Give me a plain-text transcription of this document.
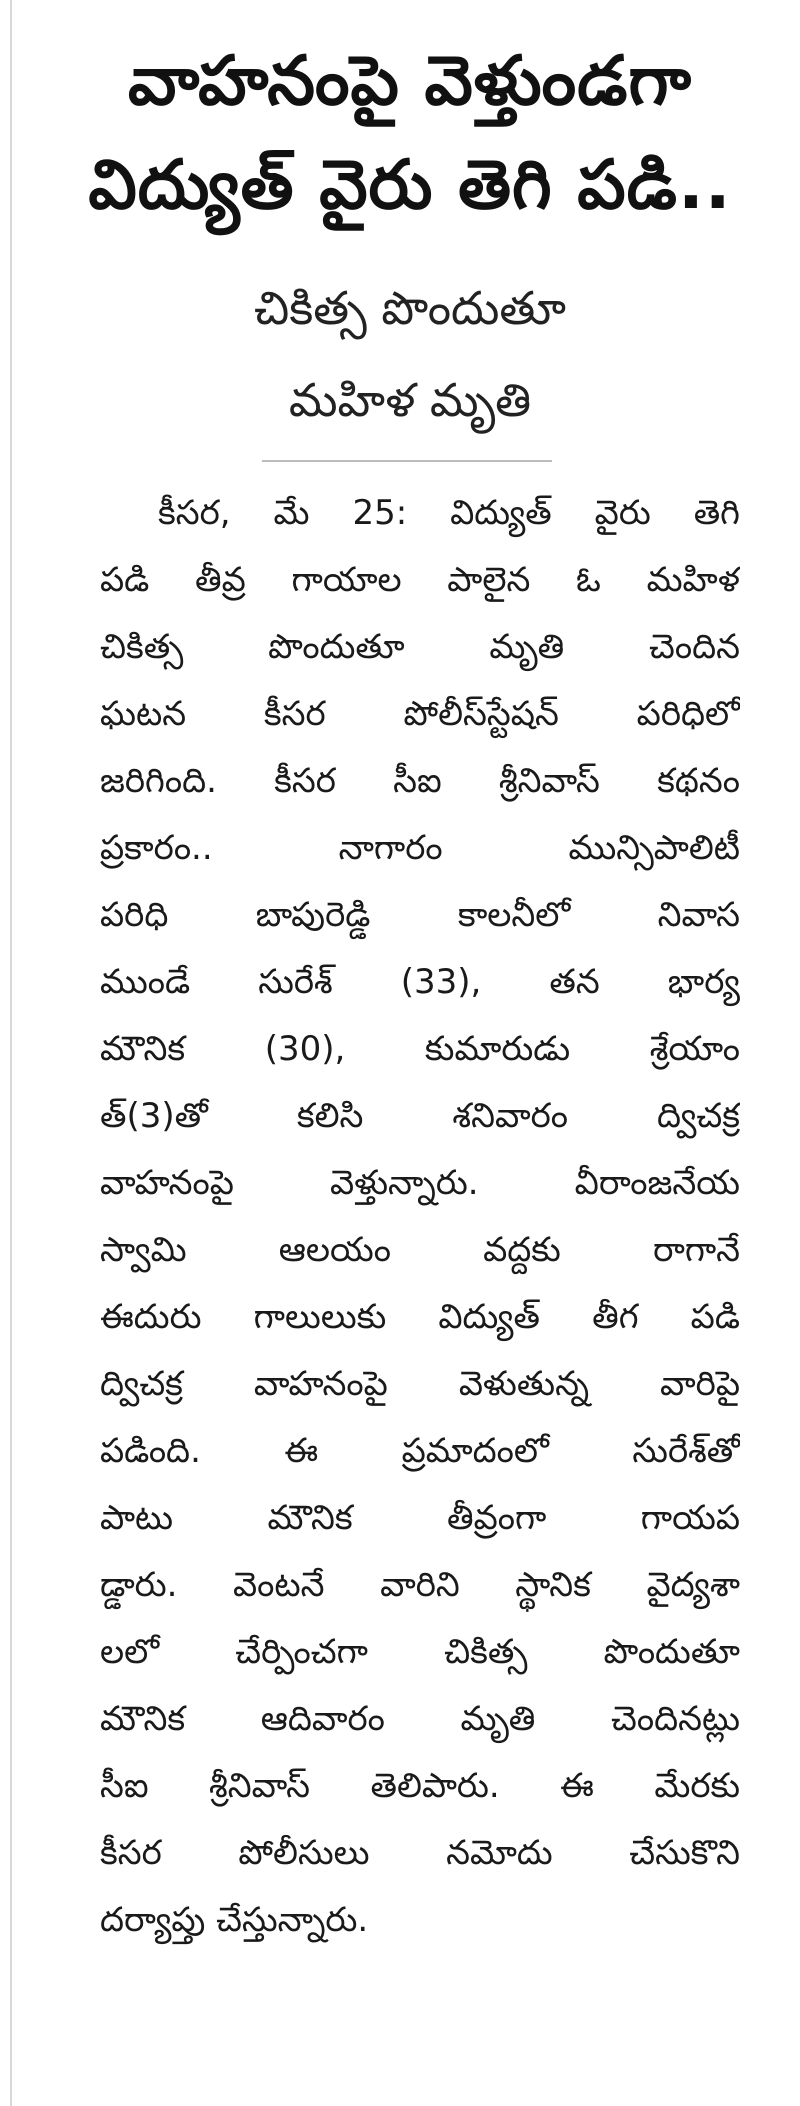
వాహనంపై వెళ్తుండగా
విద్యుత్ వైరు తెగి పడి..
చికిత్స పొందుతూ
మహిళ మృతి
కీసర, మే 25: విద్యుత్ వైరు తెగి
పడి తీవ్ర గాయాల పాలైన ఓ మహిళ
చికిత్స పొందుతూ మృతి చెందిన
ఘటన కీసర పోలీస్‌స్టేషన్ పరిధిలో
జరిగింది. కీసర సీఐ శ్రీనివాస్ కథనం
ప్రకారం.. నాగారం మున్సిపాలిటీ
పరిధి బాపురెడ్డి కాలనీలో నివాస
ముండే సురేశ్ (33), తన భార్య
మౌనిక (30), కుమారుడు శ్రేయాం
త్(3)తో కలిసి శనివారం ద్విచక్ర
వాహనంపై వెళ్తున్నారు. వీరాంజనేయ
స్వామి ఆలయం వద్దకు రాగానే
ఈదురు గాలులుకు విద్యుత్ తీగ పడి
ద్విచక్ర వాహనంపై వెళుతున్న వారిపై
పడింది. ఈ ప్రమాదంలో సురేశ్‌తో
పాటు మౌనిక తీవ్రంగా గాయప
డ్డారు. వెంటనే వారిని స్థానిక వైద్యశా
లలో చేర్పించగా చికిత్స పొందుతూ
మౌనిక ఆదివారం మృతి చెందినట్లు
సీఐ శ్రీనివాస్ తెలిపారు. ఈ మేరకు
కీసర పోలీసులు నమోదు చేసుకొని
దర్యాప్తు చేస్తున్నారు.
